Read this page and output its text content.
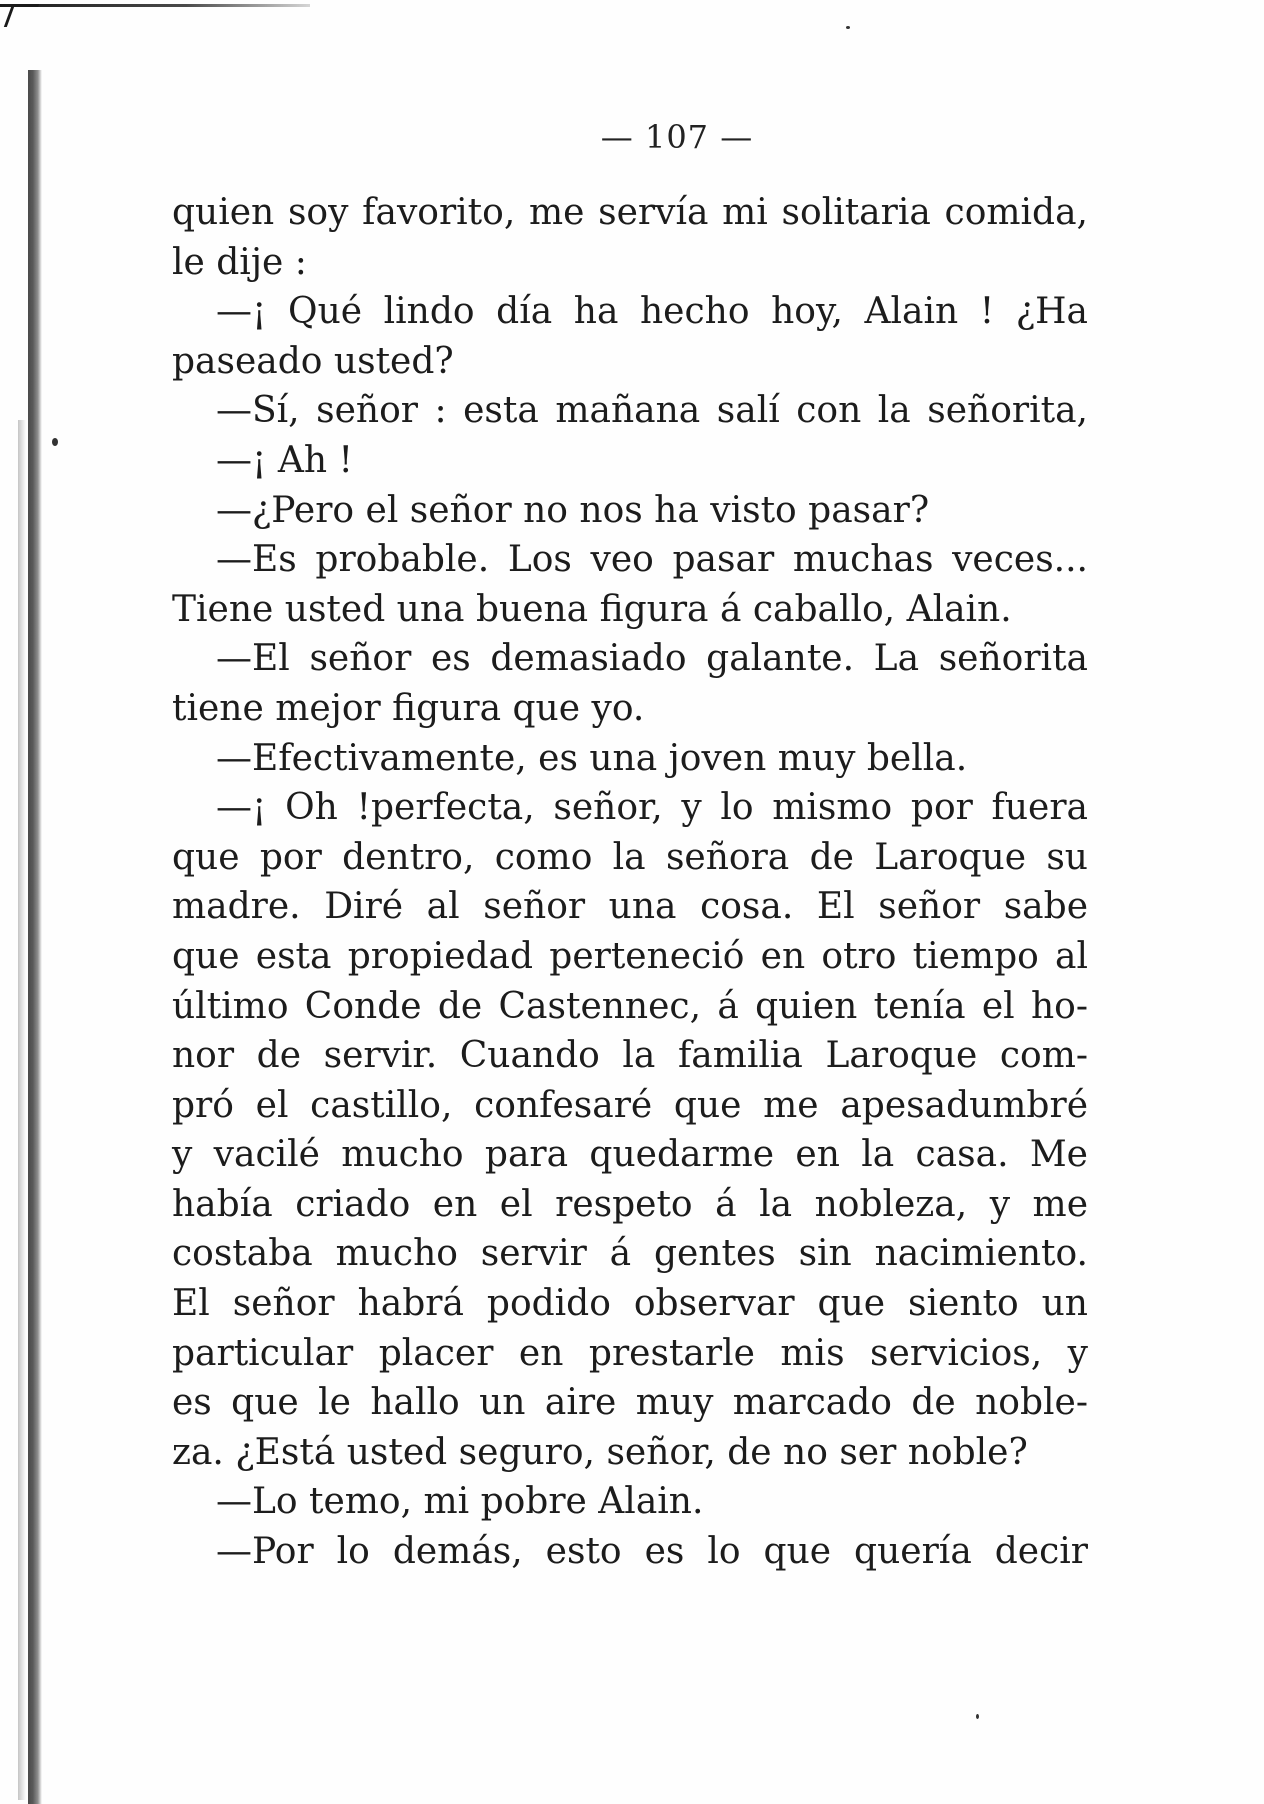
— 107 —
quien soy favorito, me servía mi solitaria comida,
le dije :
—¡ Qué lindo día ha hecho hoy, Alain ! ¿Ha
paseado usted?
—Sí, señor : esta mañana salí con la señorita,
—¡ Ah !
—¿Pero el señor no nos ha visto pasar?
—Es probable. Los veo pasar muchas veces...
Tiene usted una buena figura á caballo, Alain.
—El señor es demasiado galante. La señorita
tiene mejor figura que yo.
—Efectivamente, es una joven muy bella.
—¡ Oh !perfecta, señor, y lo mismo por fuera
que por dentro, como la señora de Laroque su
madre. Diré al señor una cosa. El señor sabe
que esta propiedad perteneció en otro tiempo al
último Conde de Castennec, á quien tenía el ho-
nor de servir. Cuando la familia Laroque com-
pró el castillo, confesaré que me apesadumbré
y vacilé mucho para quedarme en la casa. Me
había criado en el respeto á la nobleza, y me
costaba mucho servir á gentes sin nacimiento.
El señor habrá podido observar que siento un
particular placer en prestarle mis servicios, y
es que le hallo un aire muy marcado de noble-
za. ¿Está usted seguro, señor, de no ser noble?
—Lo temo, mi pobre Alain.
—Por lo demás, esto es lo que quería decir
